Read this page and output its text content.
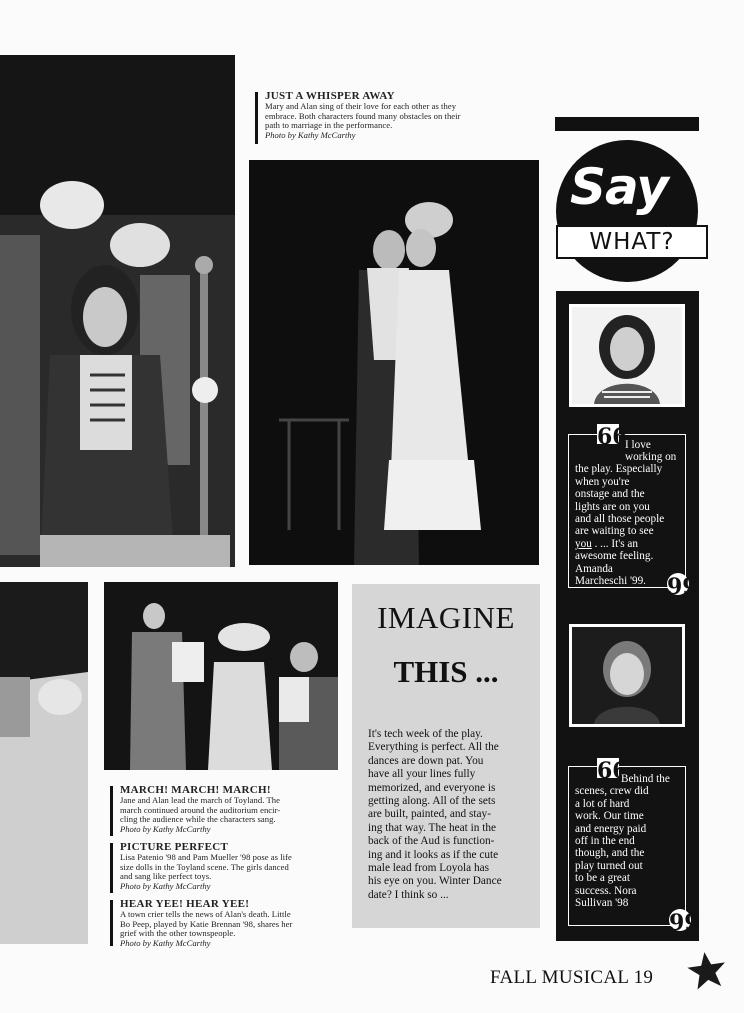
JUST A WHISPER AWAY
Mary and Alan sing of their love for each other as they
embrace. Both characters found many obstacles on their
path to marriage in the performance.
Photo by Kathy McCarthy
MARCH! MARCH! MARCH!
Jane and Alan lead the march of Toyland. The
march continued around the auditorium encir-
cling the audience while the characters sang.
Photo by Kathy McCarthy
PICTURE PERFECT
Lisa Patenio '98 and Pam Mueller '98 pose as life
size dolls in the Toyland scene. The girls danced
and sang like perfect toys.
Photo by Kathy McCarthy
HEAR YEE! HEAR YEE!
A town crier tells the news of Alan's death. Little
Bo Peep, played by Katie Brennan '98, shares her
grief with the other townspeople.
Photo by Kathy McCarthy
IMAGINE
THIS ...
It's tech week of the play.
Everything is perfect. All the
dances are down pat. You
have all your lines fully
memorized, and everyone is
getting along. All of the sets
are built, painted, and stay-
ing that way. The heat in the
back of the Aud is function-
ing and it looks as if the cute
male lead from Loyola has
his eye on you. Winter Dance
date? I think so ...
Say
WHAT?
66
I love
working on
the play. Especially
when you're
onstage and the
lights are on you
and all those people
are waiting to see
you . ... It's an
awesome feeling.
Amanda
Marcheschi '99. 99
66
Behind the
scenes, crew did
a lot of hard
work. Our time
and energy paid
off in the end
though, and the
play turned out
to be a great
success. Nora
Sullivan '98
99
FALL MUSICAL 19
